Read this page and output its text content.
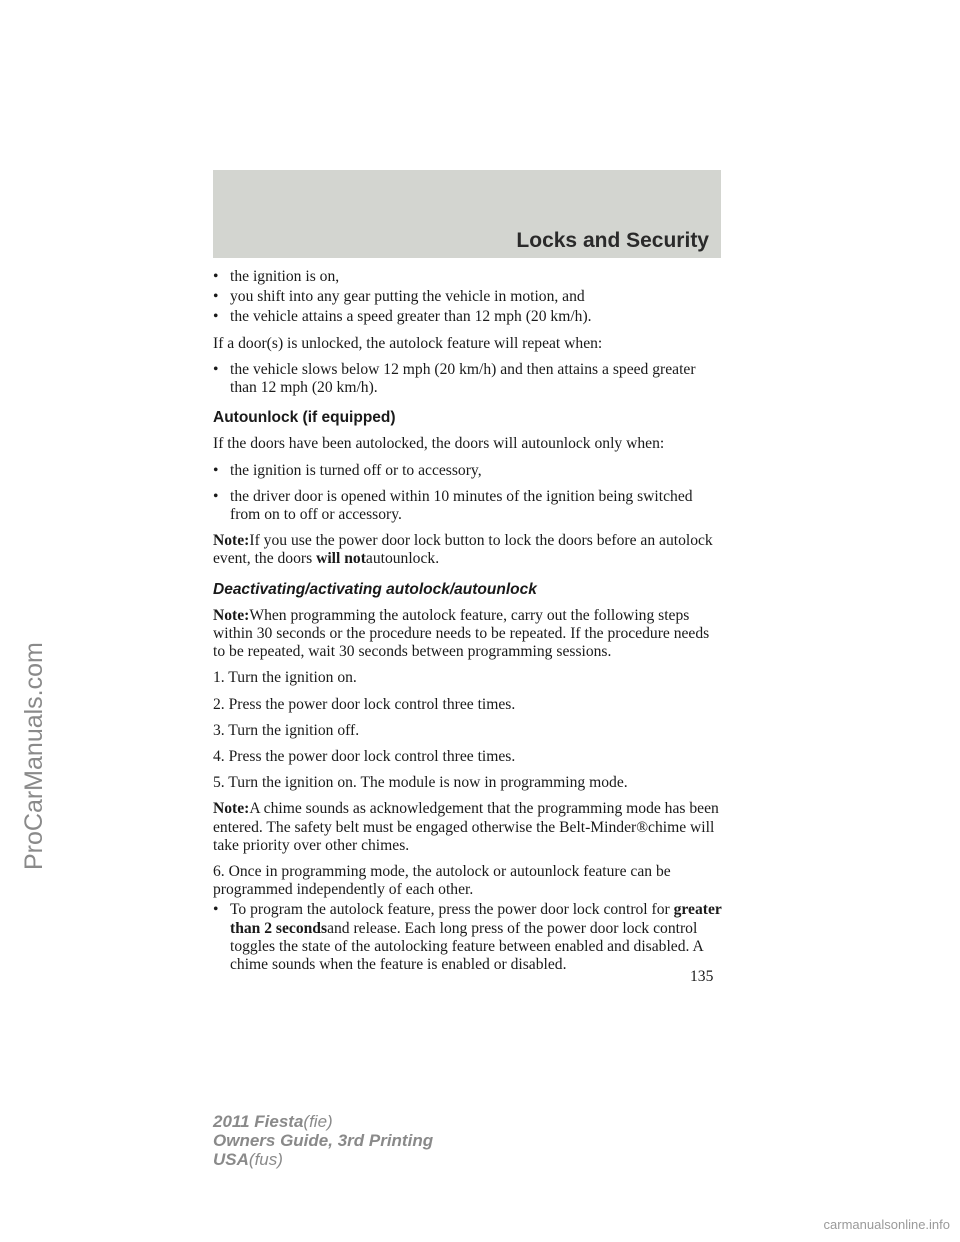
Locks and Security
ProCarManuals.com
• the ignition is on,
• you shift into any gear putting the vehicle in motion, and
• the vehicle attains a speed greater than 12 mph (20 km/h).

If a door(s) is unlocked, the autolock feature will repeat when:

• the vehicle slows below 12 mph (20 km/h) and then attains a speed greater than 12 mph (20 km/h).
Autounlock (if equipped)

If the doors have been autolocked, the doors will autounlock only when:

• the ignition is turned off or to accessory,
• the driver door is opened within 10 minutes of the ignition being switched from on to off or accessory.

Note:If you use the power door lock button to lock the doors before an autolock event, the doors will notautounlock.

Deactivating/activating autolock/autounlock

Note:When programming the autolock feature, carry out the following steps within 30 seconds or the procedure needs to be repeated. If the procedure needs to be repeated, wait 30 seconds between programming sessions.

1. Turn the ignition on.

2. Press the power door lock control three times.

3. Turn the ignition off.

4. Press the power door lock control three times.

5. Turn the ignition on. The module is now in programming mode.

Note:A chime sounds as acknowledgement that the programming mode has been entered. The safety belt must be engaged otherwise the Belt-Minder®chime will take priority over other chimes.

6. Once in programming mode, the autolock or autounlock feature can be programmed independently of each other.

• To program the autolock feature, press the power door lock control for greater than 2 secondsand release. Each long press of the power door lock control toggles the state of the autolocking feature between enabled and disabled. A chime sounds when the feature is enabled or disabled.
135
2011 Fiesta(fie)
Owners Guide, 3rd Printing
USA(fus)
carmanualsonline.info
